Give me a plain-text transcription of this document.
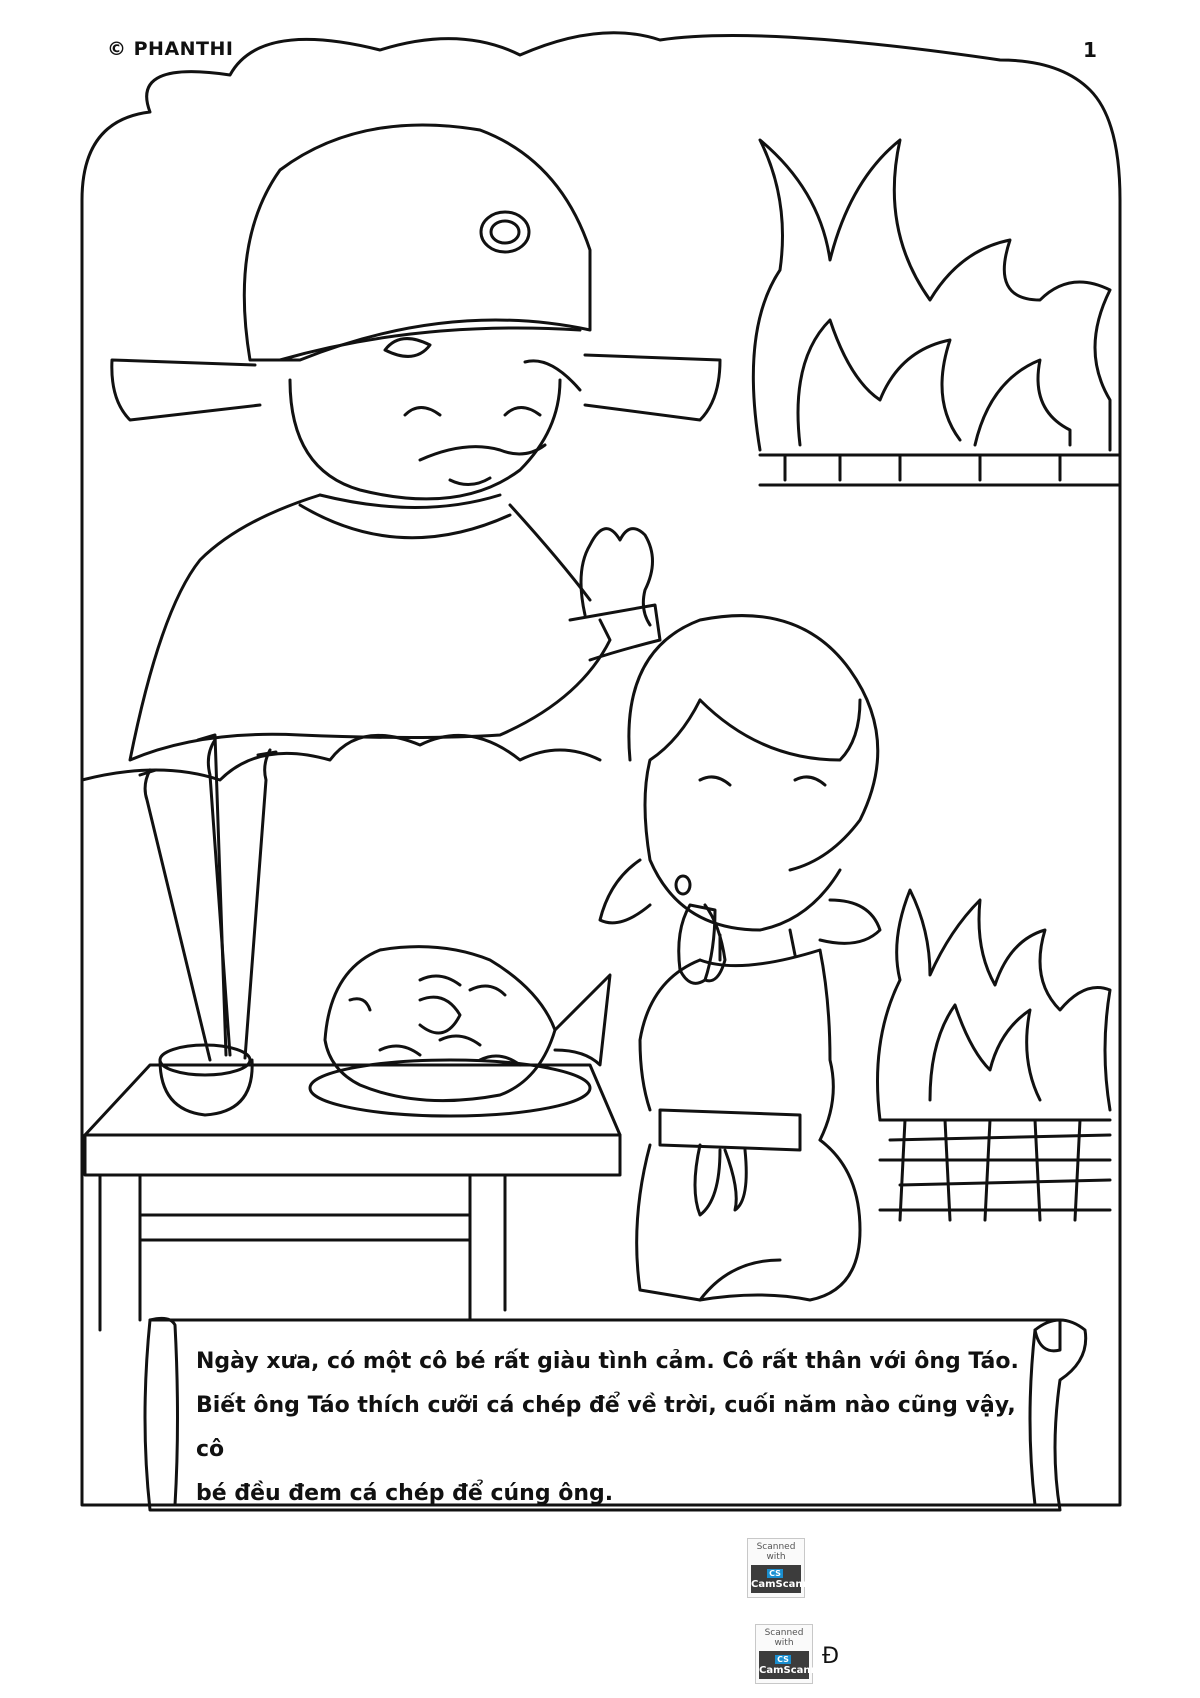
© PHANTHI	1
Ngày xưa, có một cô bé rất giàu tình cảm. Cô rất thân với ông Táo.
Biết ông Táo thích cưỡi cá chép để về trời, cuối năm nào cũng vậy, cô
bé đều đem cá chép để cúng ông.
Scanned with
CSCamScanner
Scanned with
CSCamScanner
Đ
